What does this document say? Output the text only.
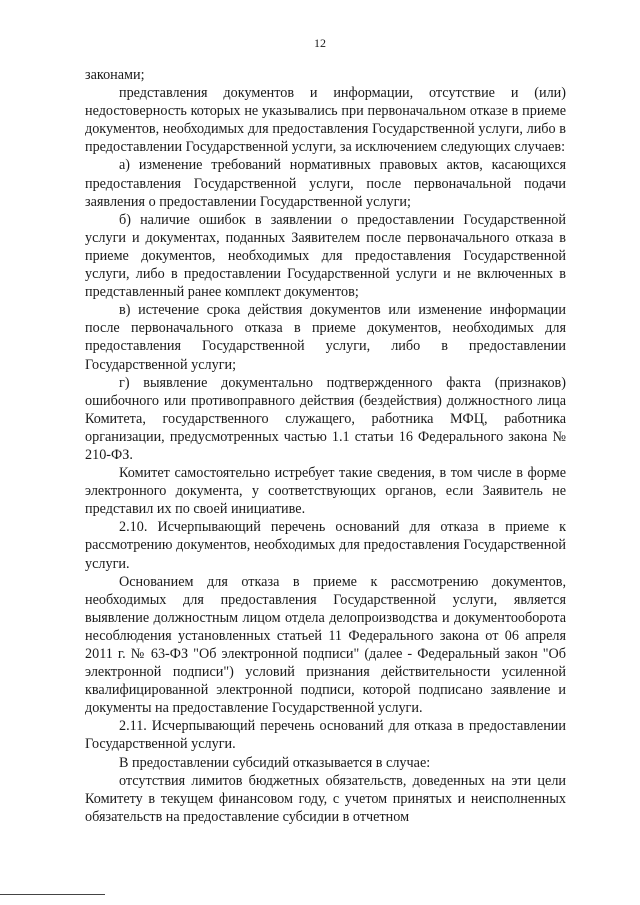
12

законами;

представления документов и информации, отсутствие и (или) недостоверность которых не указывались при первоначальном отказе в приеме документов, необходимых для предоставления Государственной услуги, либо в предоставлении Государственной услуги, за исключением следующих случаев:

а) изменение требований нормативных правовых актов, касающихся предоставления Государственной услуги, после первоначальной подачи заявления о предоставлении Государственной услуги;

б) наличие ошибок в заявлении о предоставлении Государственной услуги и документах, поданных Заявителем после первоначального отказа в приеме документов, необходимых для предоставления Государственной услуги, либо в предоставлении Государственной услуги и не включенных в представленный ранее комплект документов;

в) истечение срока действия документов или изменение информации после первоначального отказа в приеме документов, необходимых для предоставления Государственной услуги, либо в предоставлении Государственной услуги;

г) выявление документально подтвержденного факта (признаков) ошибочного или противоправного действия (бездействия) должностного лица Комитета, государственного служащего, работника МФЦ, работника организации, предусмотренных частью 1.1 статьи 16 Федерального закона № 210-ФЗ.

Комитет самостоятельно истребует такие сведения, в том числе в форме электронного документа, у соответствующих органов, если Заявитель не представил их по своей инициативе.

2.10. Исчерпывающий перечень оснований для отказа в приеме к рассмотрению документов, необходимых для предоставления Государственной услуги.

Основанием для отказа в приеме к рассмотрению документов, необходимых для предоставления Государственной услуги, является выявление должностным лицом отдела делопроизводства и документооборота несоблюдения установленных статьей 11 Федерального закона от 06 апреля 2011 г. № 63-ФЗ "Об электронной подписи" (далее - Федеральный закон "Об электронной подписи") условий признания действительности усиленной квалифицированной электронной подписи, которой подписано заявление и документы на предоставление Государственной услуги.

2.11. Исчерпывающий перечень оснований для отказа в предоставлении Государственной услуги.

В предоставлении субсидий отказывается в случае:

отсутствия лимитов бюджетных обязательств, доведенных на эти цели Комитету в текущем финансовом году, с учетом принятых и неисполненных обязательств на предоставление субсидии в отчетном
